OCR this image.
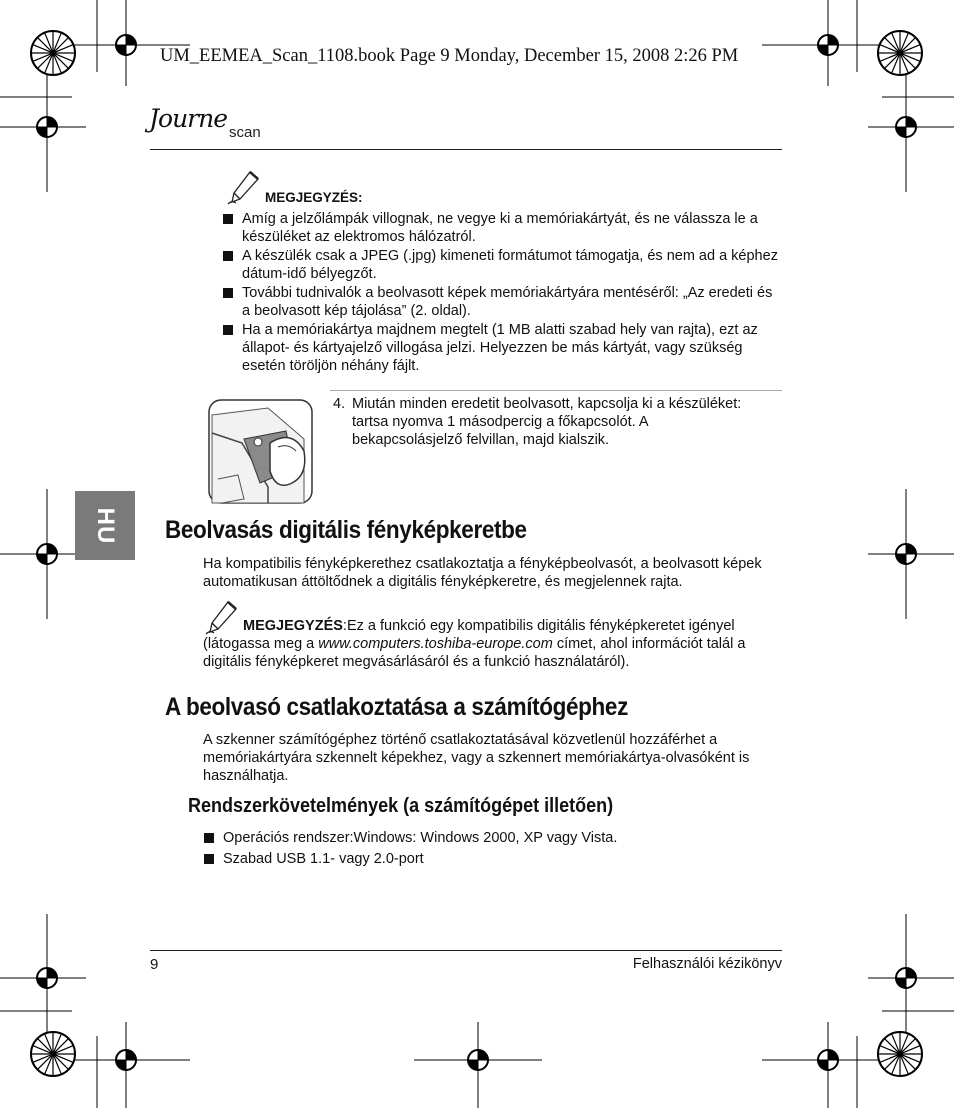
UM_EEMEA_Scan_1108.book Page 9 Monday, December 15, 2008 2:26 PM
Journe scan
MEGJEGYZÉS:
Amíg a jelzőlámpák villognak, ne vegye ki a memóriakártyát, és ne válassza le a készüléket az elektromos hálózatról.
A készülék csak a JPEG (.jpg) kimeneti formátumot támogatja, és nem ad a képhez dátum-idő bélyegzőt.
További tudnivalók a beolvasott képek memóriakártyára mentéséről: „Az eredeti és a beolvasott kép tájolása” (2. oldal).
Ha a memóriakártya majdnem megtelt (1 MB alatti szabad hely van rajta), ezt az állapot- és kártyajelző villogása jelzi. Helyezzen be más kártyát, vagy szükség esetén töröljön néhány fájlt.
4. Miután minden eredetit beolvasott, kapcsolja ki a készüléket: tartsa nyomva 1 másodpercig a főkapcsolót. A bekapcsolásjelző felvillan, majd kialszik.
HU Beolvasás digitális fényképkeretbe
Ha kompatibilis fényképkerethez csatlakoztatja a fényképbeolvasót, a beolvasott képek automatikusan áttöltődnek a digitális fényképkeretre, és megjelennek rajta.
MEGJEGYZÉS:Ez a funkció egy kompatibilis digitális fényképkeretet igényel (látogassa meg a www.computers.toshiba-europe.com címet, ahol információt talál a digitális fényképkeret megvásárlásáról és a funkció használatáról).
A beolvasó csatlakoztatása a számítógéphez
A szkenner számítógéphez történő csatlakoztatásával közvetlenül hozzáférhet a memóriakártyára szkennelt képekhez, vagy a szkennert memóriakártya-olvasóként is használhatja.
Rendszerkövetelmények (a számítógépet illetően)
Operációs rendszer:Windows: Windows 2000, XP vagy Vista.
Szabad USB 1.1- vagy 2.0-port
9	Felhasználói kézikönyv
